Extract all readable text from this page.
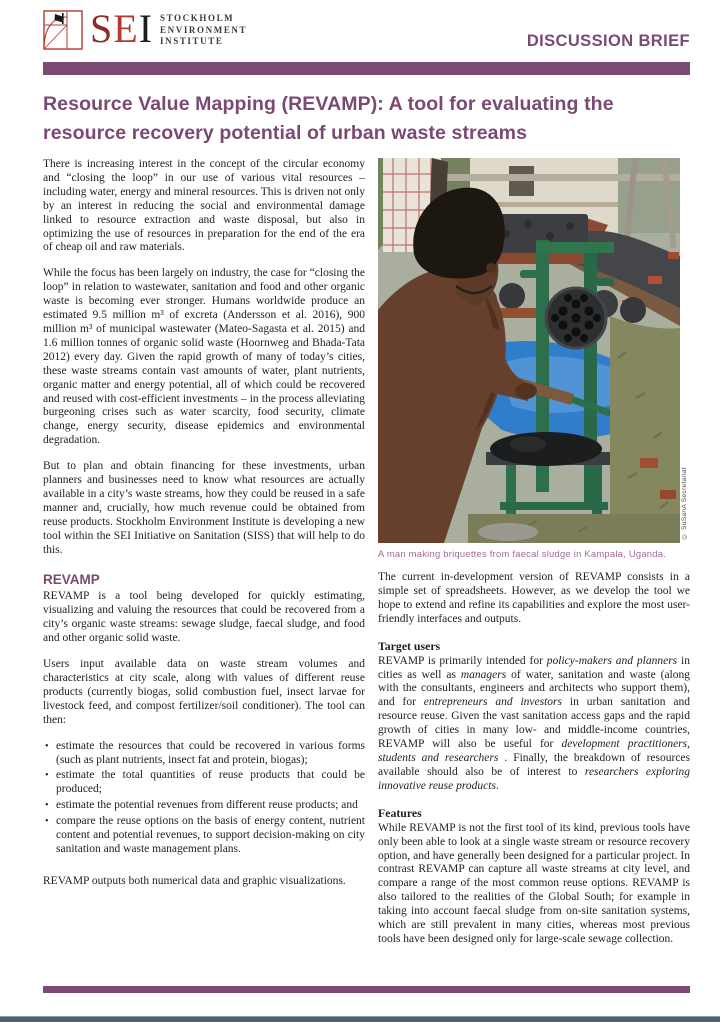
SEI STOCKHOLM
ENVIRONMENT
INSTITUTE	DISCUSSION BRIEF
Resource Value Mapping (REVAMP): A tool for evaluating the resource recovery potential of urban waste streams

There is increasing interest in the concept of the circular economy and “closing the loop” in our use of various vital resources – including water, energy and mineral resources. This is driven not only by an interest in reducing the social and environmental damage linked to resource extraction and waste disposal, but also in optimizing the use of resources in preparation for the end of the era of cheap oil and raw materials.

While the focus has been largely on industry, the case for “closing the loop” in relation to wastewater, sanitation and food and other organic waste is becoming ever stronger. Humans worldwide produce an estimated 9.5 million m³ of excreta (Andersson et al. 2016), 900 million m³ of municipal wastewater (Mateo-Sagasta et al. 2015) and 1.6 million tonnes of organic solid waste (Hoornweg and Bhada-Tata 2012) every day. Given the rapid growth of many of today’s cities, these waste streams contain vast amounts of water, plant nutrients, organic matter and energy potential, all of which could be recovered and reused with cost-efficient investments – in the process alleviating burgeoning crises such as water scarcity, food security, climate change, energy security, disease epidemics and environmental degradation.

But to plan and obtain financing for these investments, urban planners and businesses need to know what resources are actually available in a city’s waste streams, how they could be reused in a safe manner and, crucially, how much revenue could be obtained from reuse products. Stockholm Environment Institute is developing a new tool within the SEI Initiative on Sanitation (SISS) that will help to do this.

REVAMP

REVAMP is a tool being developed for quickly estimating, visualizing and valuing the resources that could be recovered from a city’s organic waste streams: sewage sludge, faecal sludge, and food and other organic solid waste.

Users input available data on waste stream volumes and characteristics at city scale, along with values of different reuse products (currently biogas, solid combustion fuel, insect larvae for livestock feed, and compost fertilizer/soil conditioner). The tool can then:

• estimate the resources that could be recovered in various forms (such as plant nutrients, insect fat and protein, biogas);
• estimate the total quantities of reuse products that could be produced;
• estimate the potential revenues from different reuse products; and
• compare the reuse options on the basis of energy content, nutrient content and potential revenues, to support decision-making on city sanitation and waste management plans.

REVAMP outputs both numerical data and graphic visualizations.

© SuSanA Secretariat

A man making briquettes from faecal sludge in Kampala, Uganda.

The current in-development version of REVAMP consists in a simple set of spreadsheets. However, as we develop the tool we hope to extend and refine its capabilities and explore the most user-friendly interfaces and outputs.

Target users

REVAMP is primarily intended for policy-makers and planners in cities as well as managers of water, sanitation and waste (along with the consultants, engineers and architects who support them), and for entrepreneurs and investors in urban sanitation and resource reuse. Given the vast sanitation access gaps and the rapid growth of cities in many low- and middle-income countries, REVAMP will also be useful for development practitioners, students and researchers . Finally, the breakdown of resources available should also be of interest to researchers exploring innovative reuse products.

Features

While REVAMP is not the first tool of its kind, previous tools have only been able to look at a single waste stream or resource recovery option, and have generally been designed for a particular project. In contrast REVAMP can capture all waste streams at city level, and compare a range of the most common reuse options. REVAMP is also tailored to the realities of the Global South; for example in taking into account faecal sludge from on-site sanitation systems, which are still prevalent in many cities, whereas most previous tools have been designed only for large-scale sewage collection.
